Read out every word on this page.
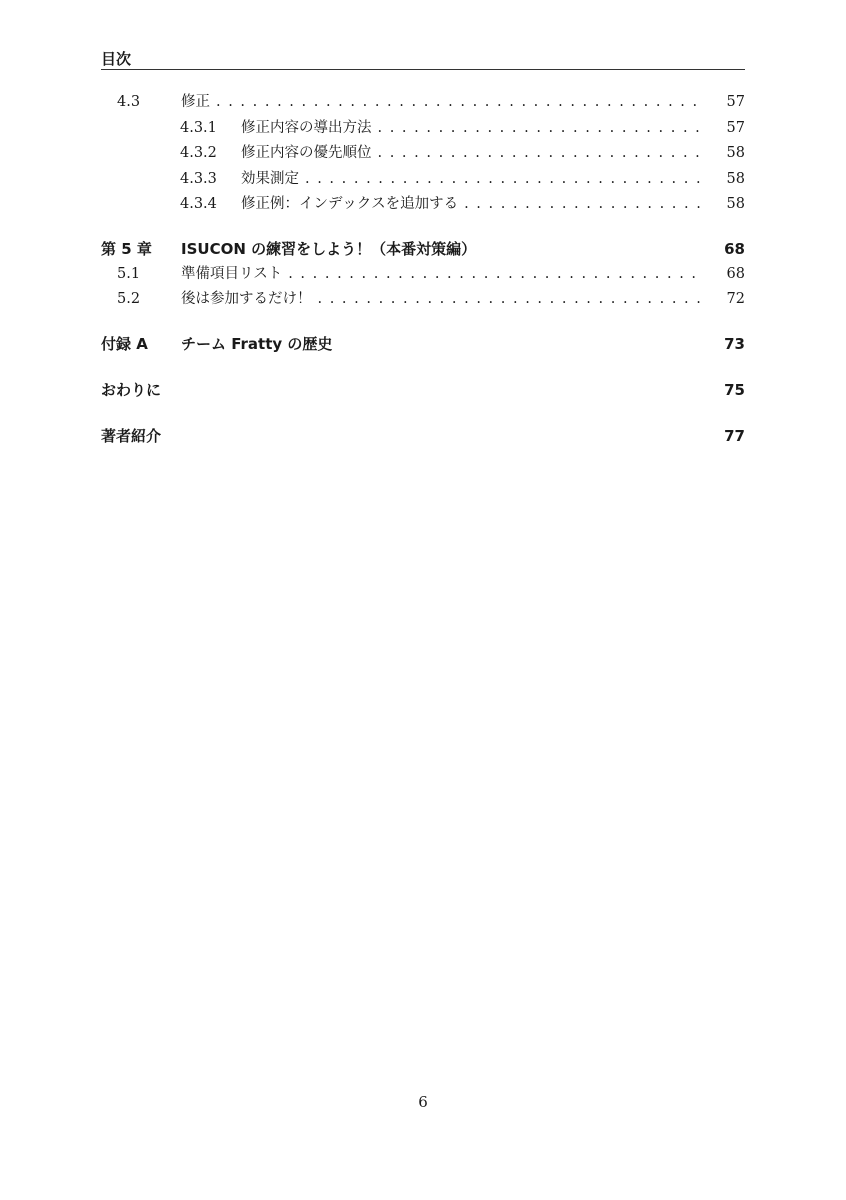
目次
4.3	修正 . . .	57
4.3.1	修正内容の導出方法 . . .	57
4.3.2	修正内容の優先順位 . . .	58
4.3.3	効果測定 . . .	58
4.3.4	修正例：インデックスを追加する . . .	58
第 5 章	ISUCON の練習をしよう！（本番対策編）	68
5.1	準備項目リスト . . .	68
5.2	後は参加するだけ！ . . .	72
付録 A	チーム Fratty の歴史	73
おわりに	75
著者紹介	77
6
